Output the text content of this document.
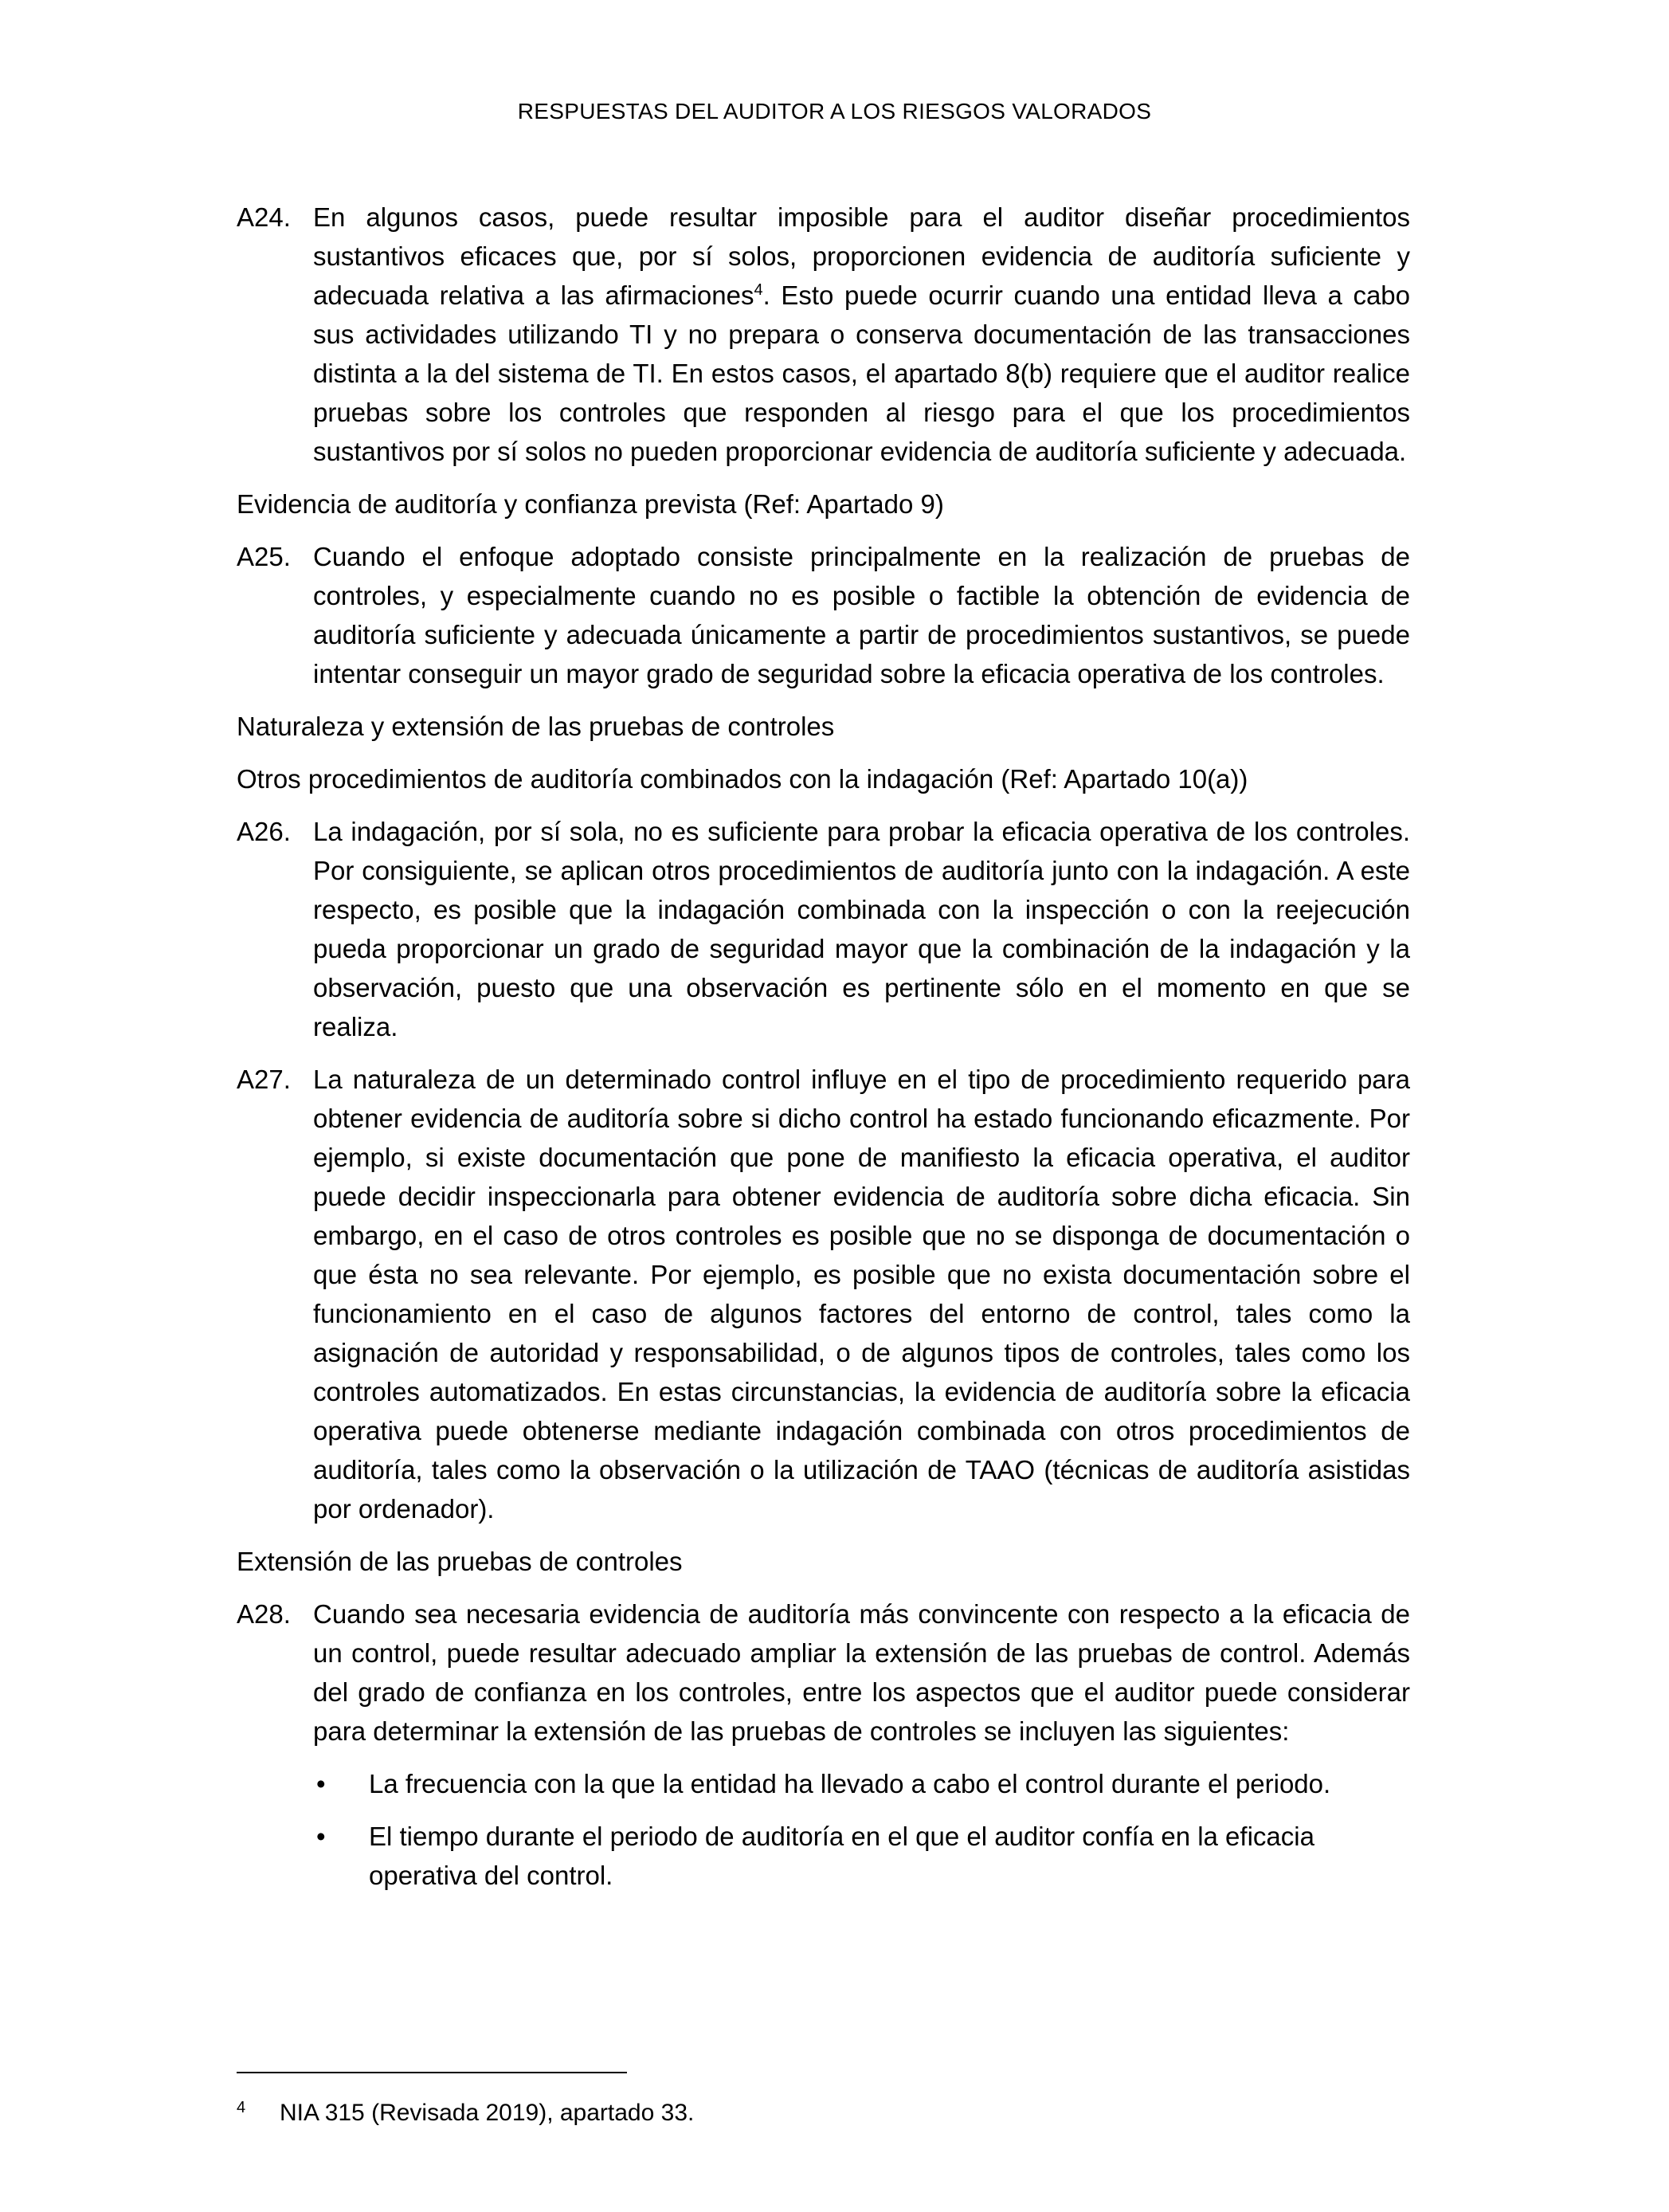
RESPUESTAS DEL AUDITOR A LOS RIESGOS VALORADOS
A24. En algunos casos, puede resultar imposible para el auditor diseñar procedimientos sustantivos eficaces que, por sí solos, proporcionen evidencia de auditoría suficiente y adecuada relativa a las afirmaciones$^4$. Esto puede ocurrir cuando una entidad lleva a cabo sus actividades utilizando TI y no prepara o conserva documentación de las transacciones distinta a la del sistema de TI. En estos casos, el apartado 8(b) requiere que el auditor realice pruebas sobre los controles que responden al riesgo para el que los procedimientos sustantivos por sí solos no pueden proporcionar evidencia de auditoría suficiente y adecuada.
Evidencia de auditoría y confianza prevista (Ref: Apartado 9)
A25. Cuando el enfoque adoptado consiste principalmente en la realización de pruebas de controles, y especialmente cuando no es posible o factible la obtención de evidencia de auditoría suficiente y adecuada únicamente a partir de procedimientos sustantivos, se puede intentar conseguir un mayor grado de seguridad sobre la eficacia operativa de los controles.
Naturaleza y extensión de las pruebas de controles
Otros procedimientos de auditoría combinados con la indagación (Ref: Apartado 10(a))
A26. La indagación, por sí sola, no es suficiente para probar la eficacia operativa de los controles. Por consiguiente, se aplican otros procedimientos de auditoría junto con la indagación. A este respecto, es posible que la indagación combinada con la inspección o con la reejecución pueda proporcionar un grado de seguridad mayor que la combinación de la indagación y la observación, puesto que una observación es pertinente sólo en el momento en que se realiza.
A27. La naturaleza de un determinado control influye en el tipo de procedimiento requerido para obtener evidencia de auditoría sobre si dicho control ha estado funcionando eficazmente. Por ejemplo, si existe documentación que pone de manifiesto la eficacia operativa, el auditor puede decidir inspeccionarla para obtener evidencia de auditoría sobre dicha eficacia. Sin embargo, en el caso de otros controles es posible que no se disponga de documentación o que ésta no sea relevante. Por ejemplo, es posible que no exista documentación sobre el funcionamiento en el caso de algunos factores del entorno de control, tales como la asignación de autoridad y responsabilidad, o de algunos tipos de controles, tales como los controles automatizados. En estas circunstancias, la evidencia de auditoría sobre la eficacia operativa puede obtenerse mediante indagación combinada con otros procedimientos de auditoría, tales como la observación o la utilización de TAAO (técnicas de auditoría asistidas por ordenador).
Extensión de las pruebas de controles
A28. Cuando sea necesaria evidencia de auditoría más convincente con respecto a la eficacia de un control, puede resultar adecuado ampliar la extensión de las pruebas de control. Además del grado de confianza en los controles, entre los aspectos que el auditor puede considerar para determinar la extensión de las pruebas de controles se incluyen las siguientes:
•	La frecuencia con la que la entidad ha llevado a cabo el control durante el periodo.
•	El tiempo durante el periodo de auditoría en el que el auditor confía en la eficacia operativa del control.
4	NIA 315 (Revisada 2019), apartado 33.
